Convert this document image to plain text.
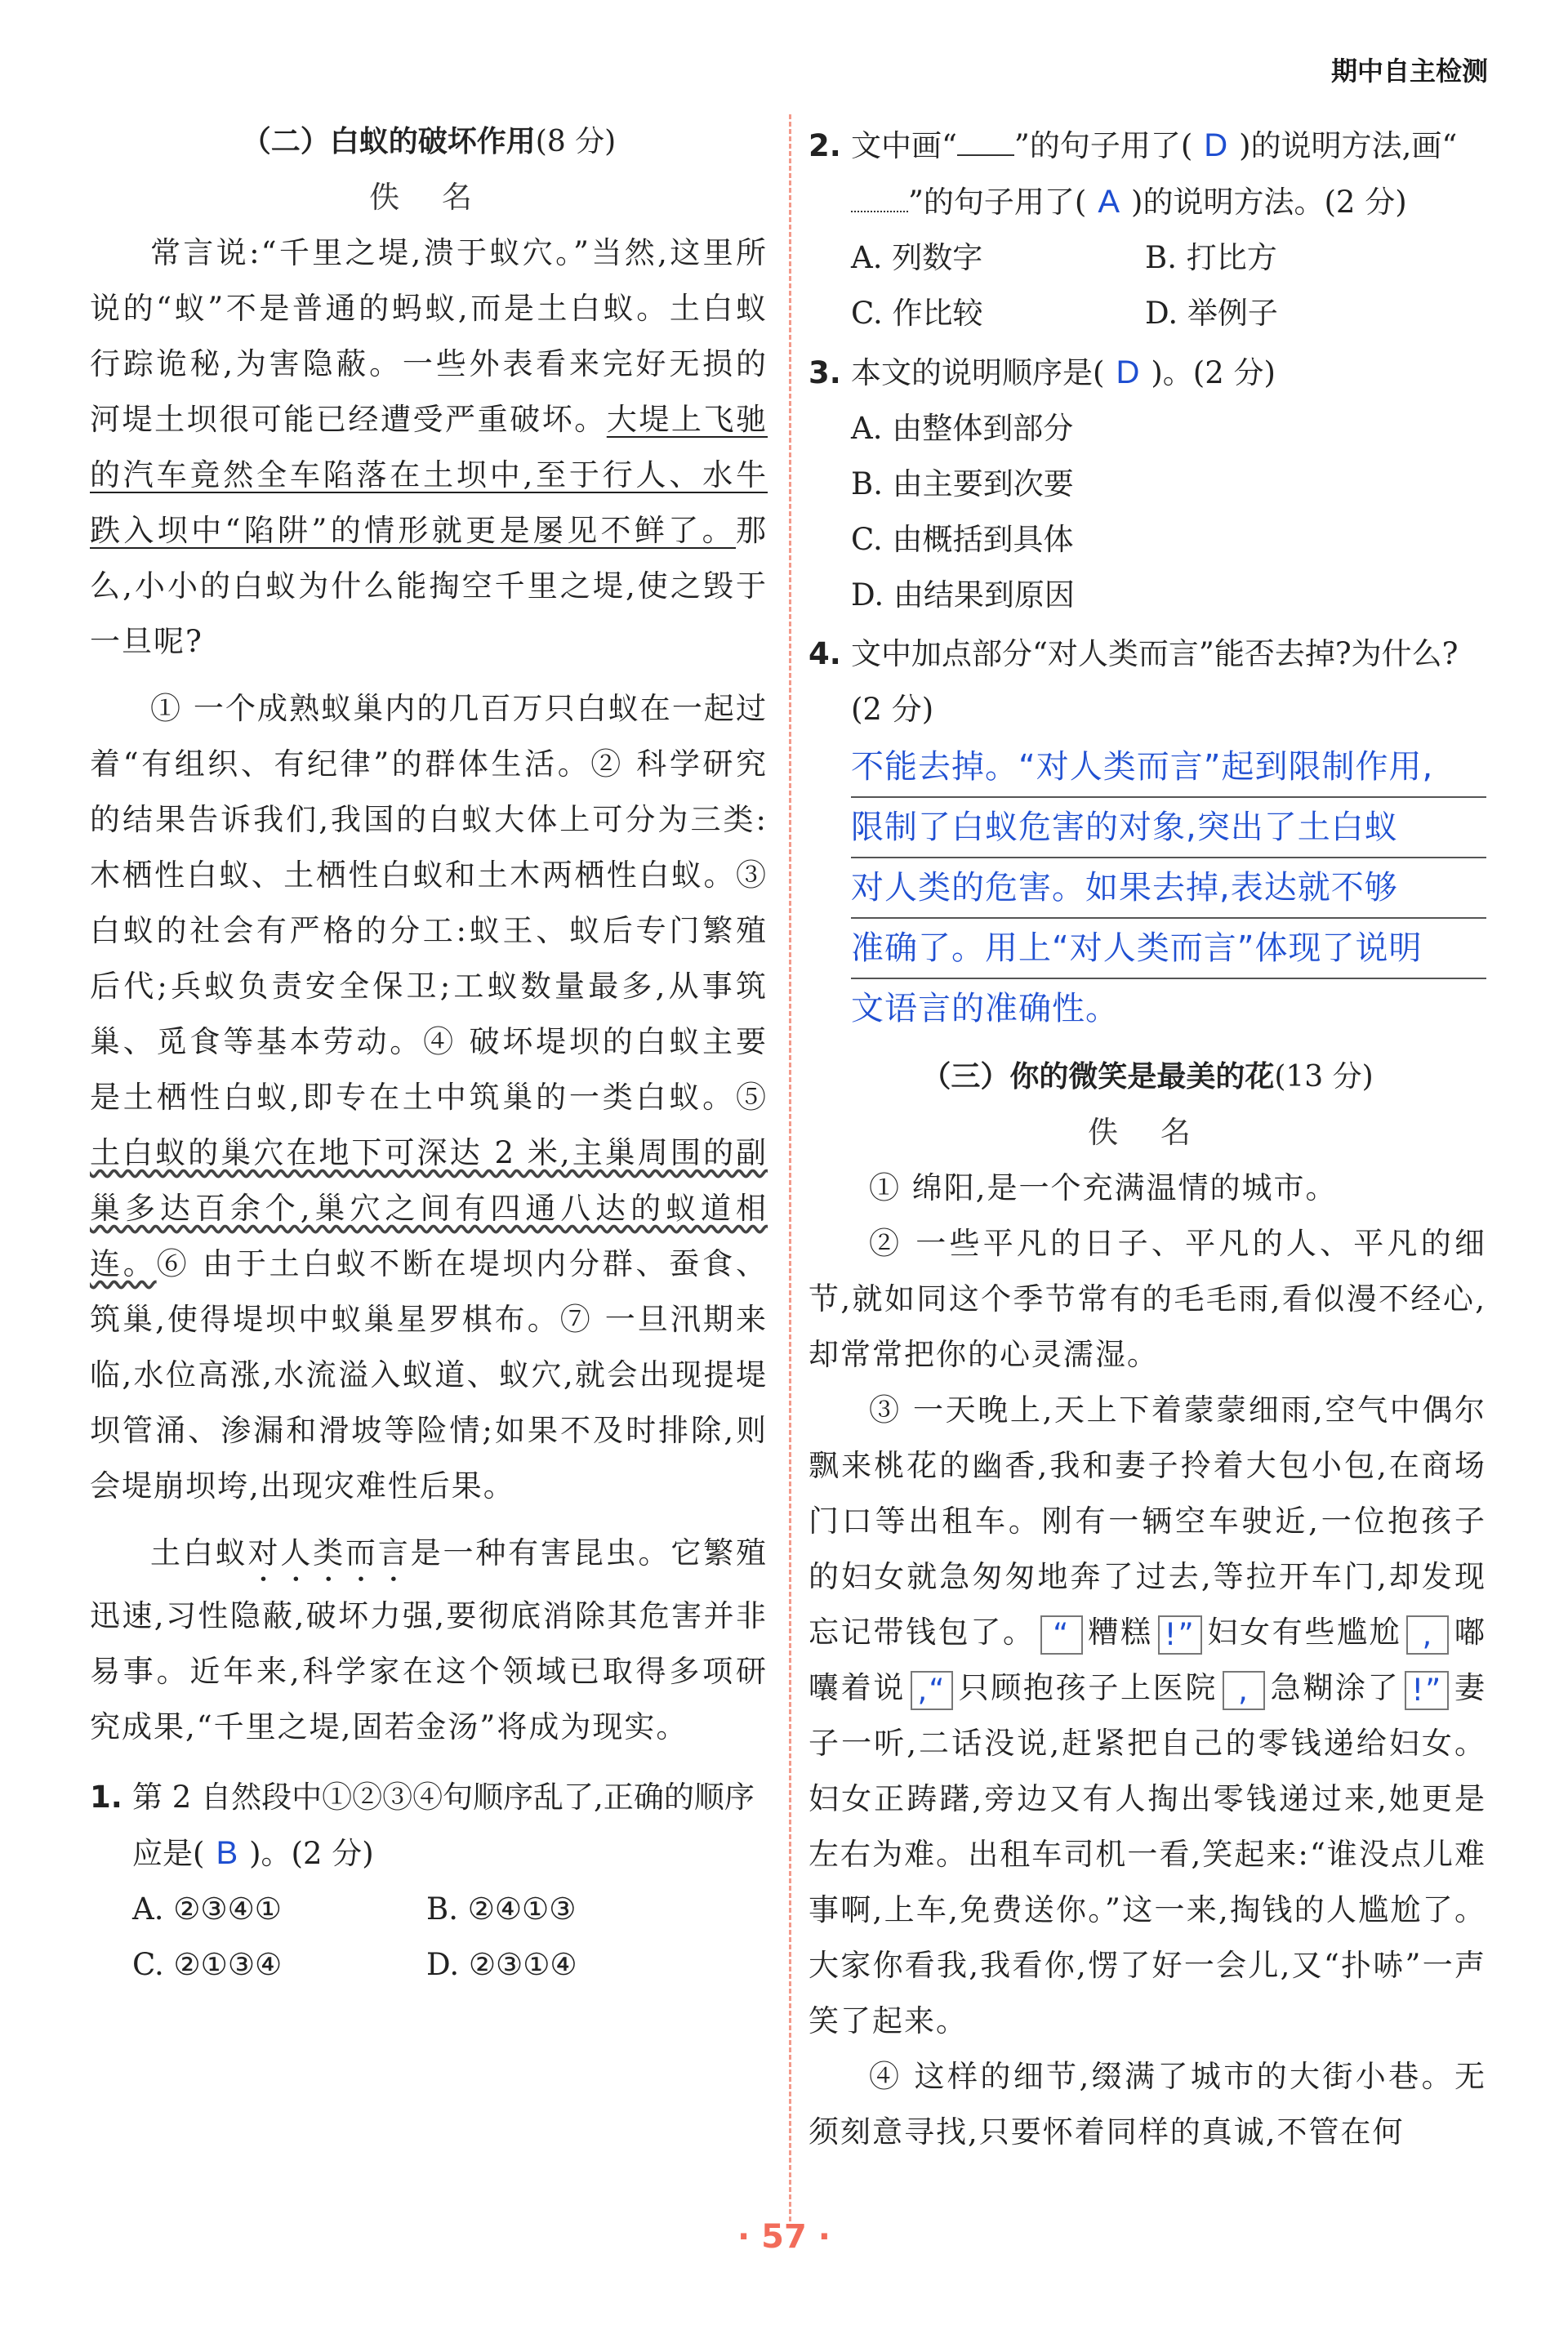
期中自主检测

（二）白蚁的破坏作用(8 分)

佚 名

常言说:“千里之堤,溃于蚁穴。”当然,这里所说的“蚁”不是普通的蚂蚁,而是土白蚁。土白蚁行踪诡秘,为害隐蔽。一些外表看来完好无损的河堤土坝很可能已经遭受严重破坏。大堤上飞驰的汽车竟然全车陷落在土坝中,至于行人、水牛跌入坝中“陷阱”的情形就更是屡见不鲜了。那么,小小的白蚁为什么能掏空千里之堤,使之毁于一旦呢?

① 一个成熟蚁巢内的几百万只白蚁在一起过着“有组织、有纪律”的群体生活。② 科学研究的结果告诉我们,我国的白蚁大体上可分为三类:木栖性白蚁、土栖性白蚁和土木两栖性白蚁。③ 白蚁的社会有严格的分工:蚁王、蚁后专门繁殖后代;兵蚁负责安全保卫;工蚁数量最多,从事筑巢、觅食等基本劳动。④ 破坏堤坝的白蚁主要是土栖性白蚁,即专在土中筑巢的一类白蚁。⑤ 土白蚁的巢穴在地下可深达 2 米,主巢周围的副巢多达百余个,巢穴之间有四通八达的蚁道相连。⑥ 由于土白蚁不断在堤坝内分群、蚕食、筑巢,使得堤坝中蚁巢星罗棋布。⑦ 一旦汛期来临,水位高涨,水流溢入蚁道、蚁穴,就会出现提堤坝管涌、渗漏和滑坡等险情;如果不及时排除,则会堤崩坝垮,出现灾难性后果。

土白蚁对人类而言是一种有害昆虫。它繁殖迅速,习性隐蔽,破坏力强,要彻底消除其危害并非易事。近年来,科学家在这个领域已取得多项研究成果,“千里之堤,固若金汤”将成为现实。

1. 第 2 自然段中①②③④句顺序乱了,正确的顺序应是( B )。(2 分)

A. ②③④①	B. ②④①③
C. ②①③④	D. ②③①④

2. 文中画“ ”的句子用了( D )的说明方法,画“”的句子用了( A )的说明方法。(2 分)

A. 列数字	B. 打比方
C. 作比较	D. 举例子

3. 本文的说明顺序是( D )。(2 分)

A. 由整体到部分
B. 由主要到次要
C. 由概括到具体
D. 由结果到原因

4. 文中加点部分“对人类而言”能否去掉?为什么?(2 分)

不能去掉。“对人类而言”起到限制作用,
限制了白蚁危害的对象,突出了土白蚁
对人类的危害。如果去掉,表达就不够
准确了。用上“对人类而言”体现了说明
文语言的准确性。

（三）你的微笑是最美的花(13 分)

佚 名

① 绵阳,是一个充满温情的城市。

② 一些平凡的日子、平凡的人、平凡的细节,就如同这个季节常有的毛毛雨,看似漫不经心,却常常把你的心灵濡湿。

③ 一天晚上,天上下着蒙蒙细雨,空气中偶尔飘来桃花的幽香,我和妻子拎着大包小包,在商场门口等出租车。刚有一辆空车驶近,一位抱孩子的妇女就急匆匆地奔了过去,等拉开车门,却发现忘记带钱包了。 “ 糟糕 !” 妇女有些尴尬 , 嘟囔着说 ,“ 只顾抱孩子上医院 , 急糊涂了 !” 妻子一听,二话没说,赶紧把自己的零钱递给妇女。妇女正踌躇,旁边又有人掏出零钱递过来,她更是左右为难。出租车司机一看,笑起来:“谁没点儿难事啊,上车,免费送你。”这一来,掏钱的人尴尬了。大家你看我,我看你,愣了好一会儿,又“扑哧”一声笑了起来。

④ 这样的细节,缀满了城市的大街小巷。无须刻意寻找,只要怀着同样的真诚,不管在何

· 57 ·
